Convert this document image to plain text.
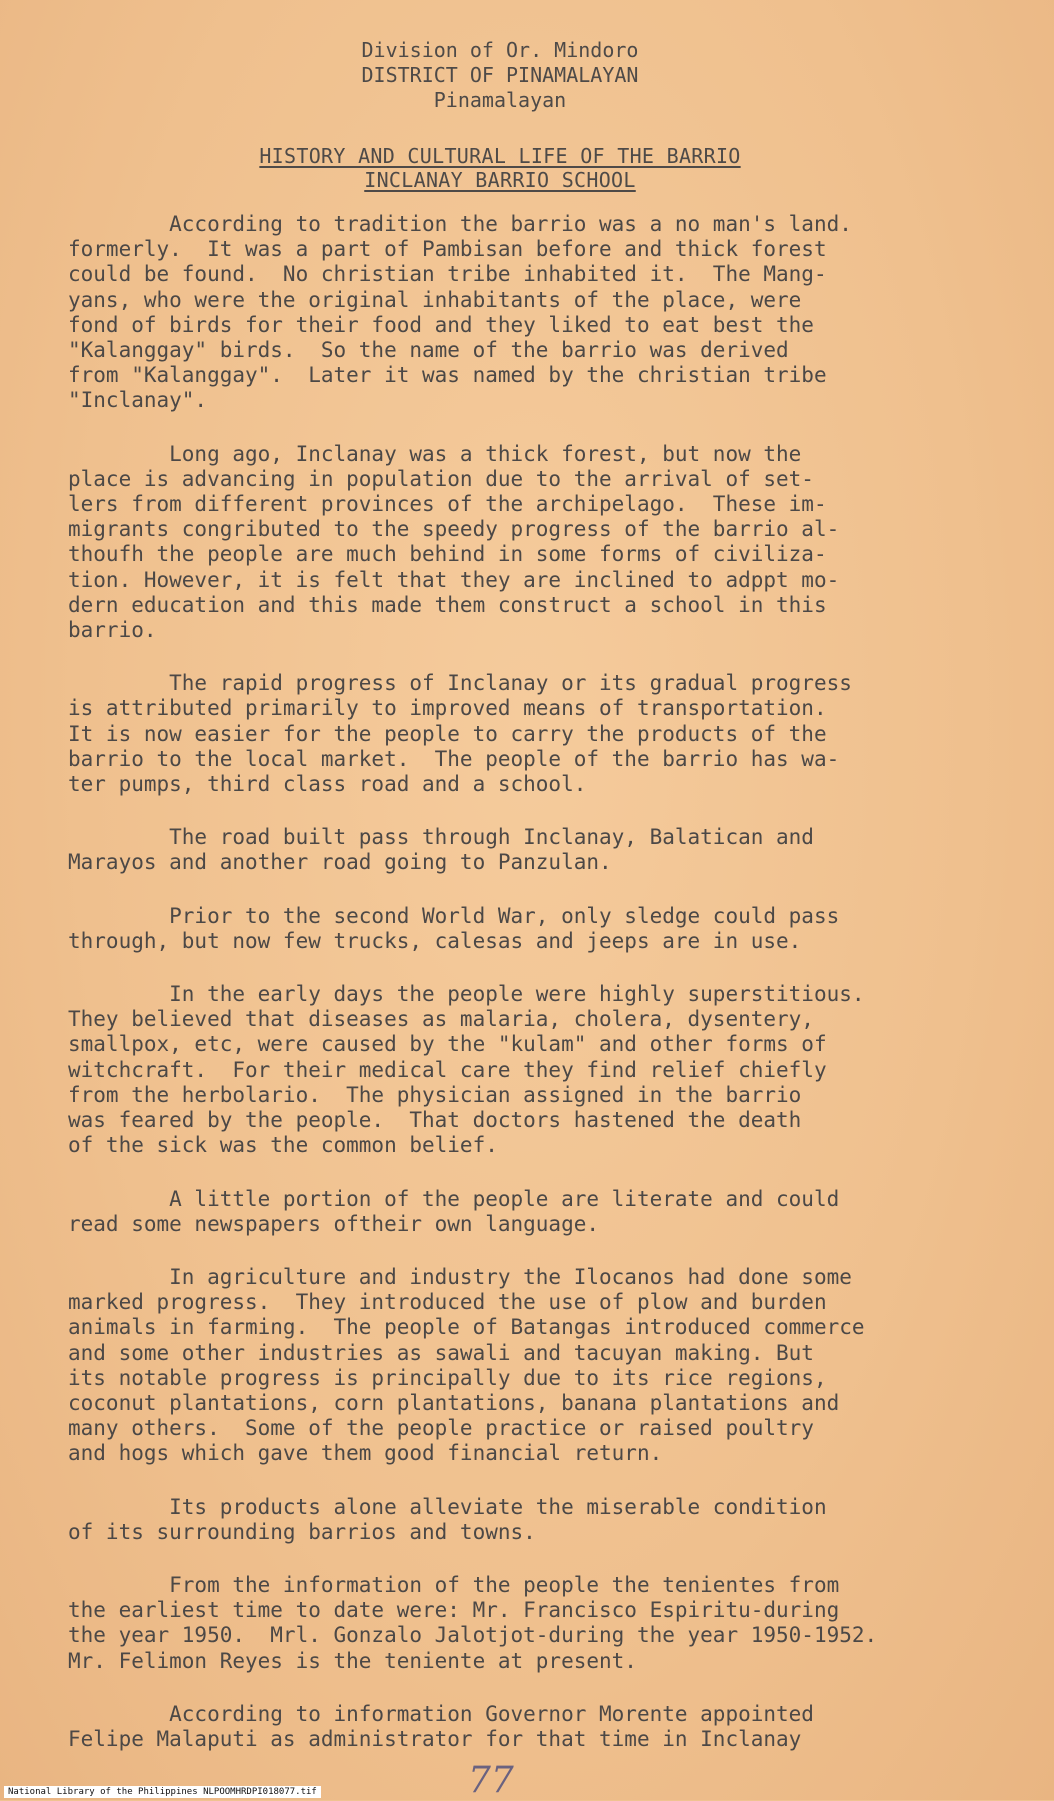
Division of Or. Mindoro
DISTRICT OF PINAMALAYAN
Pinamalayan
HISTORY AND CULTURAL LIFE OF THE BARRIO
INCLANAY BARRIO SCHOOL
According to tradition the barrio was a no man's land.
formerly.  It was a part of Pambisan before and thick forest
could be found.  No christian tribe inhabited it.  The Mang-
yans, who were the original inhabitants of the place, were
fond of birds for their food and they liked to eat best the
"Kalanggay" birds.  So the name of the barrio was derived
from "Kalanggay".  Later it was named by the christian tribe
"Inclanay".
Long ago, Inclanay was a thick forest, but now the
place is advancing in population due to the arrival of set-
lers from different provinces of the archipelago.  These im-
migrants congributed to the speedy progress of the barrio al-
thoufh the people are much behind in some forms of civiliza-
tion. However, it is felt that they are inclined to adppt mo-
dern education and this made them construct a school in this
barrio.
The rapid progress of Inclanay or its gradual progress
is attributed primarily to improved means of transportation.
It is now easier for the people to carry the products of the
barrio to the local market.  The people of the barrio has wa-
ter pumps, third class road and a school.
The road built pass through Inclanay, Balatican and
Marayos and another road going to Panzulan.
Prior to the second World War, only sledge could pass
through, but now few trucks, calesas and jeeps are in use.
In the early days the people were highly superstitious.
They believed that diseases as malaria, cholera, dysentery,
smallpox, etc, were caused by the "kulam" and other forms of
witchcraft.  For their medical care they find relief chiefly
from the herbolario.  The physician assigned in the barrio
was feared by the people.  That doctors hastened the death
of the sick was the common belief.
A little portion of the people are literate and could
read some newspapers oftheir own language.
In agriculture and industry the Ilocanos had done some
marked progress.  They introduced the use of plow and burden
animals in farming.  The people of Batangas introduced commerce
and some other industries as sawali and tacuyan making. But
its notable progress is principally due to its rice regions,
coconut plantations, corn plantations, banana plantations and
many others.  Some of the people practice or raised poultry
and hogs which gave them good financial return.
Its products alone alleviate the miserable condition
of its surrounding barrios and towns.
From the information of the people the tenientes from
the earliest time to date were: Mr. Francisco Espiritu-during
the year 1950.  Mrl. Gonzalo Jalotjot-during the year 1950-1952.
Mr. Felimon Reyes is the teniente at present.
According to information Governor Morente appointed
Felipe Malaputi as administrator for that time in Inclanay
77
National Library of the Philippines NLPOOMHRDPI018077.tif
